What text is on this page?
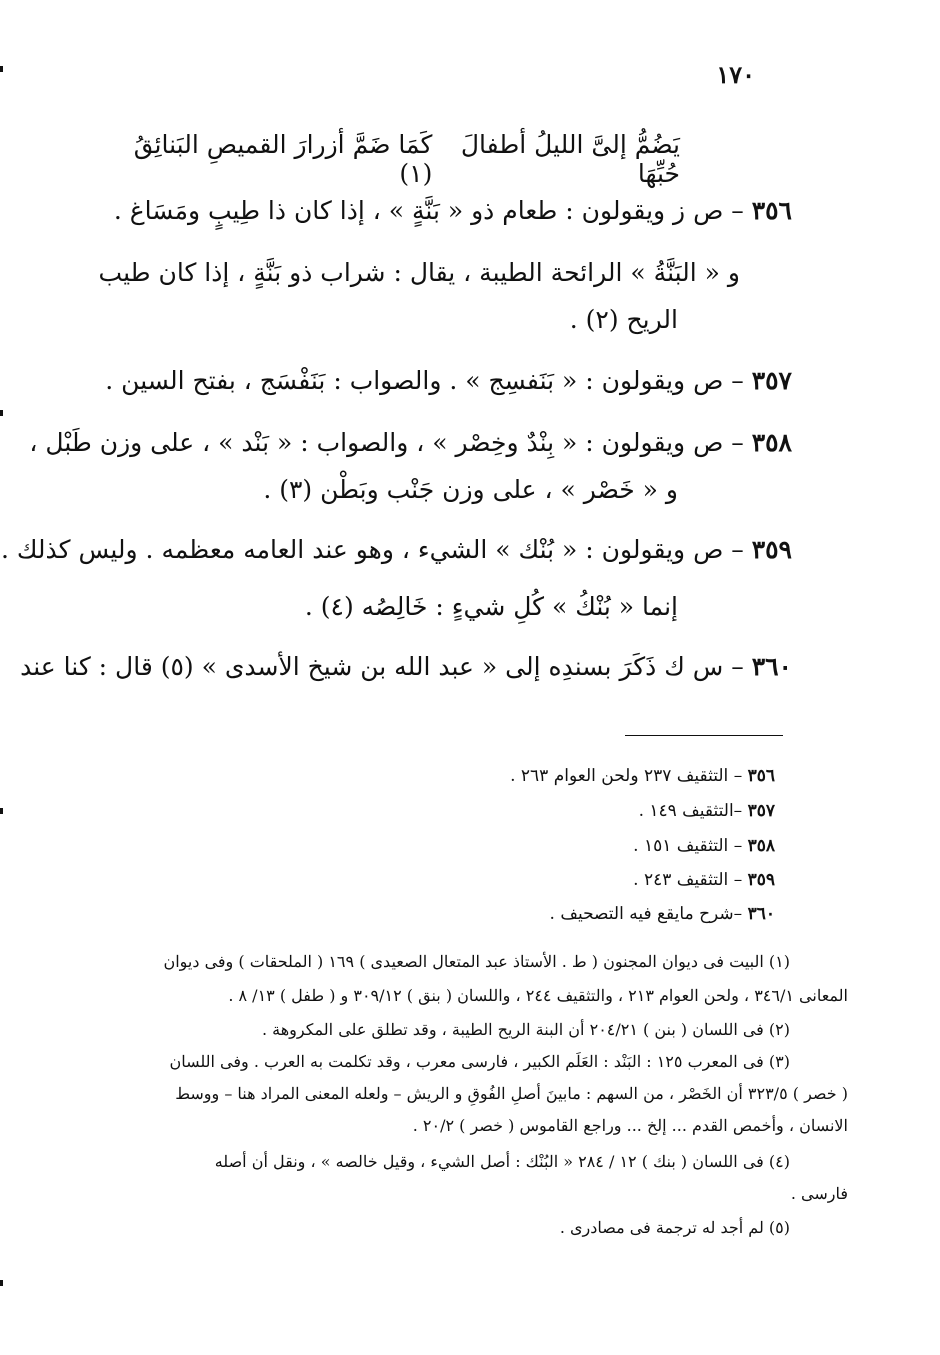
١٧٠
يَضُمُّ إلىَّ الليلُ أطفالَ حُبِّهَا
كَمَا ضَمَّ أزرارَ القميصِ البَنائِقُ (١)
٣٥٦ – ص ز ويقولون : طعام ذو « بَنَّةٍ » ، إذا كان ذا طِيبٍ ومَسَاغ .
و « البَنَّةُ » الرائحة الطيبة ، يقال : شراب ذو بَنَّةٍ ، إذا كان طيب
الريح (٢) .
٣٥٧ – ص ويقولون : « بَنَفسِج » . والصواب : بَنَفْسَج ، بفتح السين .
٣٥٨ – ص ويقولون : « بِنْدٌ وخِصْر » ، والصواب : « بَنْد » ، على وزن طَبْل ،
و « خَصْر » ، على وزن جَنْب وبَطْن (٣) .
٣٥٩ – ص ويقولون : « بُنْك » الشيء ، وهو عند العامه معظمه . وليس كذلك .
إنما « بُنْكُ » كُلِ شيءٍ : خَالِصُه (٤) .
٣٦٠ – س ك ذَكَرَ بسندِه إلى « عبد الله بن شيخ الأسدى » (٥) قال : كنا عند
٣٥٦ – التثقيف ٢٣٧ ولحن العوام ٢٦٣ .
٣٥٧ –التثقيف ١٤٩ .
٣٥٨ – التثقيف ١٥١ .
٣٥٩ – التثقيف ٢٤٣ .
٣٦٠ –شرح مايقع فيه التصحيف .
(١) البيت فى ديوان المجنون ( ط . الأستاذ عبد المتعال الصعيدى ) ١٦٩ ( الملحقات ) وفى ديوان
المعانى ٣٤٦/١ ، ولحن العوام ٢١٣ ، والتثقيف ٢٤٤ ، واللسان ( بنق ) ٣٠٩/١٢ و ( طفل ) ١٣/ ٨ .
(٢) فى اللسان ( بنن ) ٢٠٤/٢١ أن البنة الريح الطيبة ، وقد تطلق على المكروهة .
(٣) فى المعرب ١٢٥ : البَنْد : العَلَم الكبير ، فارسى معرب ، وقد تكلمت به العرب . وفى اللسان
( خصر ) ٣٢٣/٥ أن الخَصْر ، من السهم : مابينَ أصلِ الفُوقِ و الريش – ولعله المعنى المراد هنا – ووسط
الانسان ، وأخمص القدم ... إلخ ... وراجع القاموس ( خصر ) ٢٠/٢ .
(٤) فى اللسان ( بنك ) ١٢ / ٢٨٤ « البُنْك : أصل الشيء ، وقيل خالصه » ، ونقل أن أصله
فارسى .
(٥) لم أجد له ترجمة فى مصادرى .
